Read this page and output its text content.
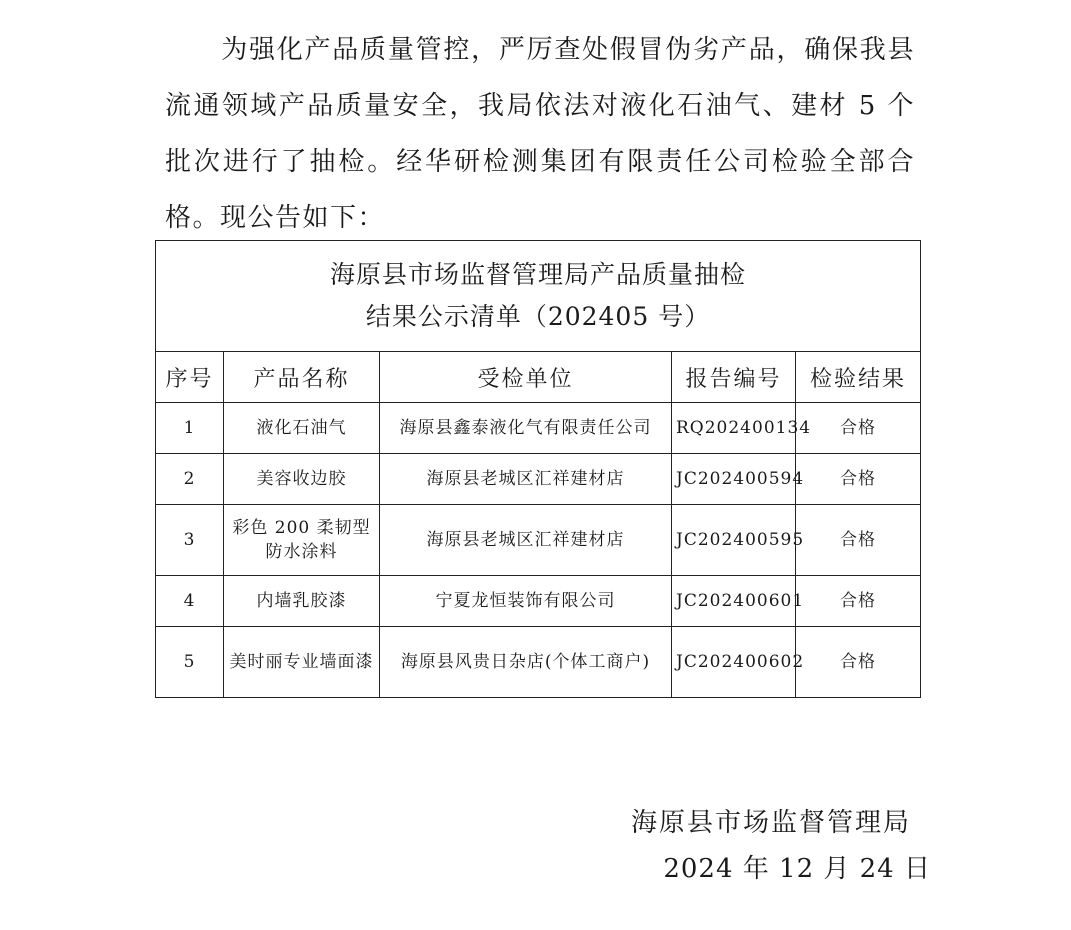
为强化产品质量管控，严厉查处假冒伪劣产品，确保我县流通领域产品质量安全，我局依法对液化石油气、建材 5 个批次进行了抽检。经华研检测集团有限责任公司检验全部合格。现公告如下：

海原县市场监督管理局产品质量抽检
结果公示清单（202405 号）				

序号	产品名称	受检单位	报告编号	检验结果
1	液化石油气	海原县鑫泰液化气有限责任公司	RQ202400134	合格
2	美容收边胶	海原县老城区汇祥建材店	JC202400594	合格
3	彩色 200 柔韧型防水涂料	海原县老城区汇祥建材店	JC202400595	合格
4	内墙乳胶漆	宁夏龙恒装饰有限公司	JC202400601	合格
5	美时丽专业墙面漆	海原县风贵日杂店(个体工商户)	JC202400602	合格
海原县市场监督管理局
2024 年 12 月 24 日
